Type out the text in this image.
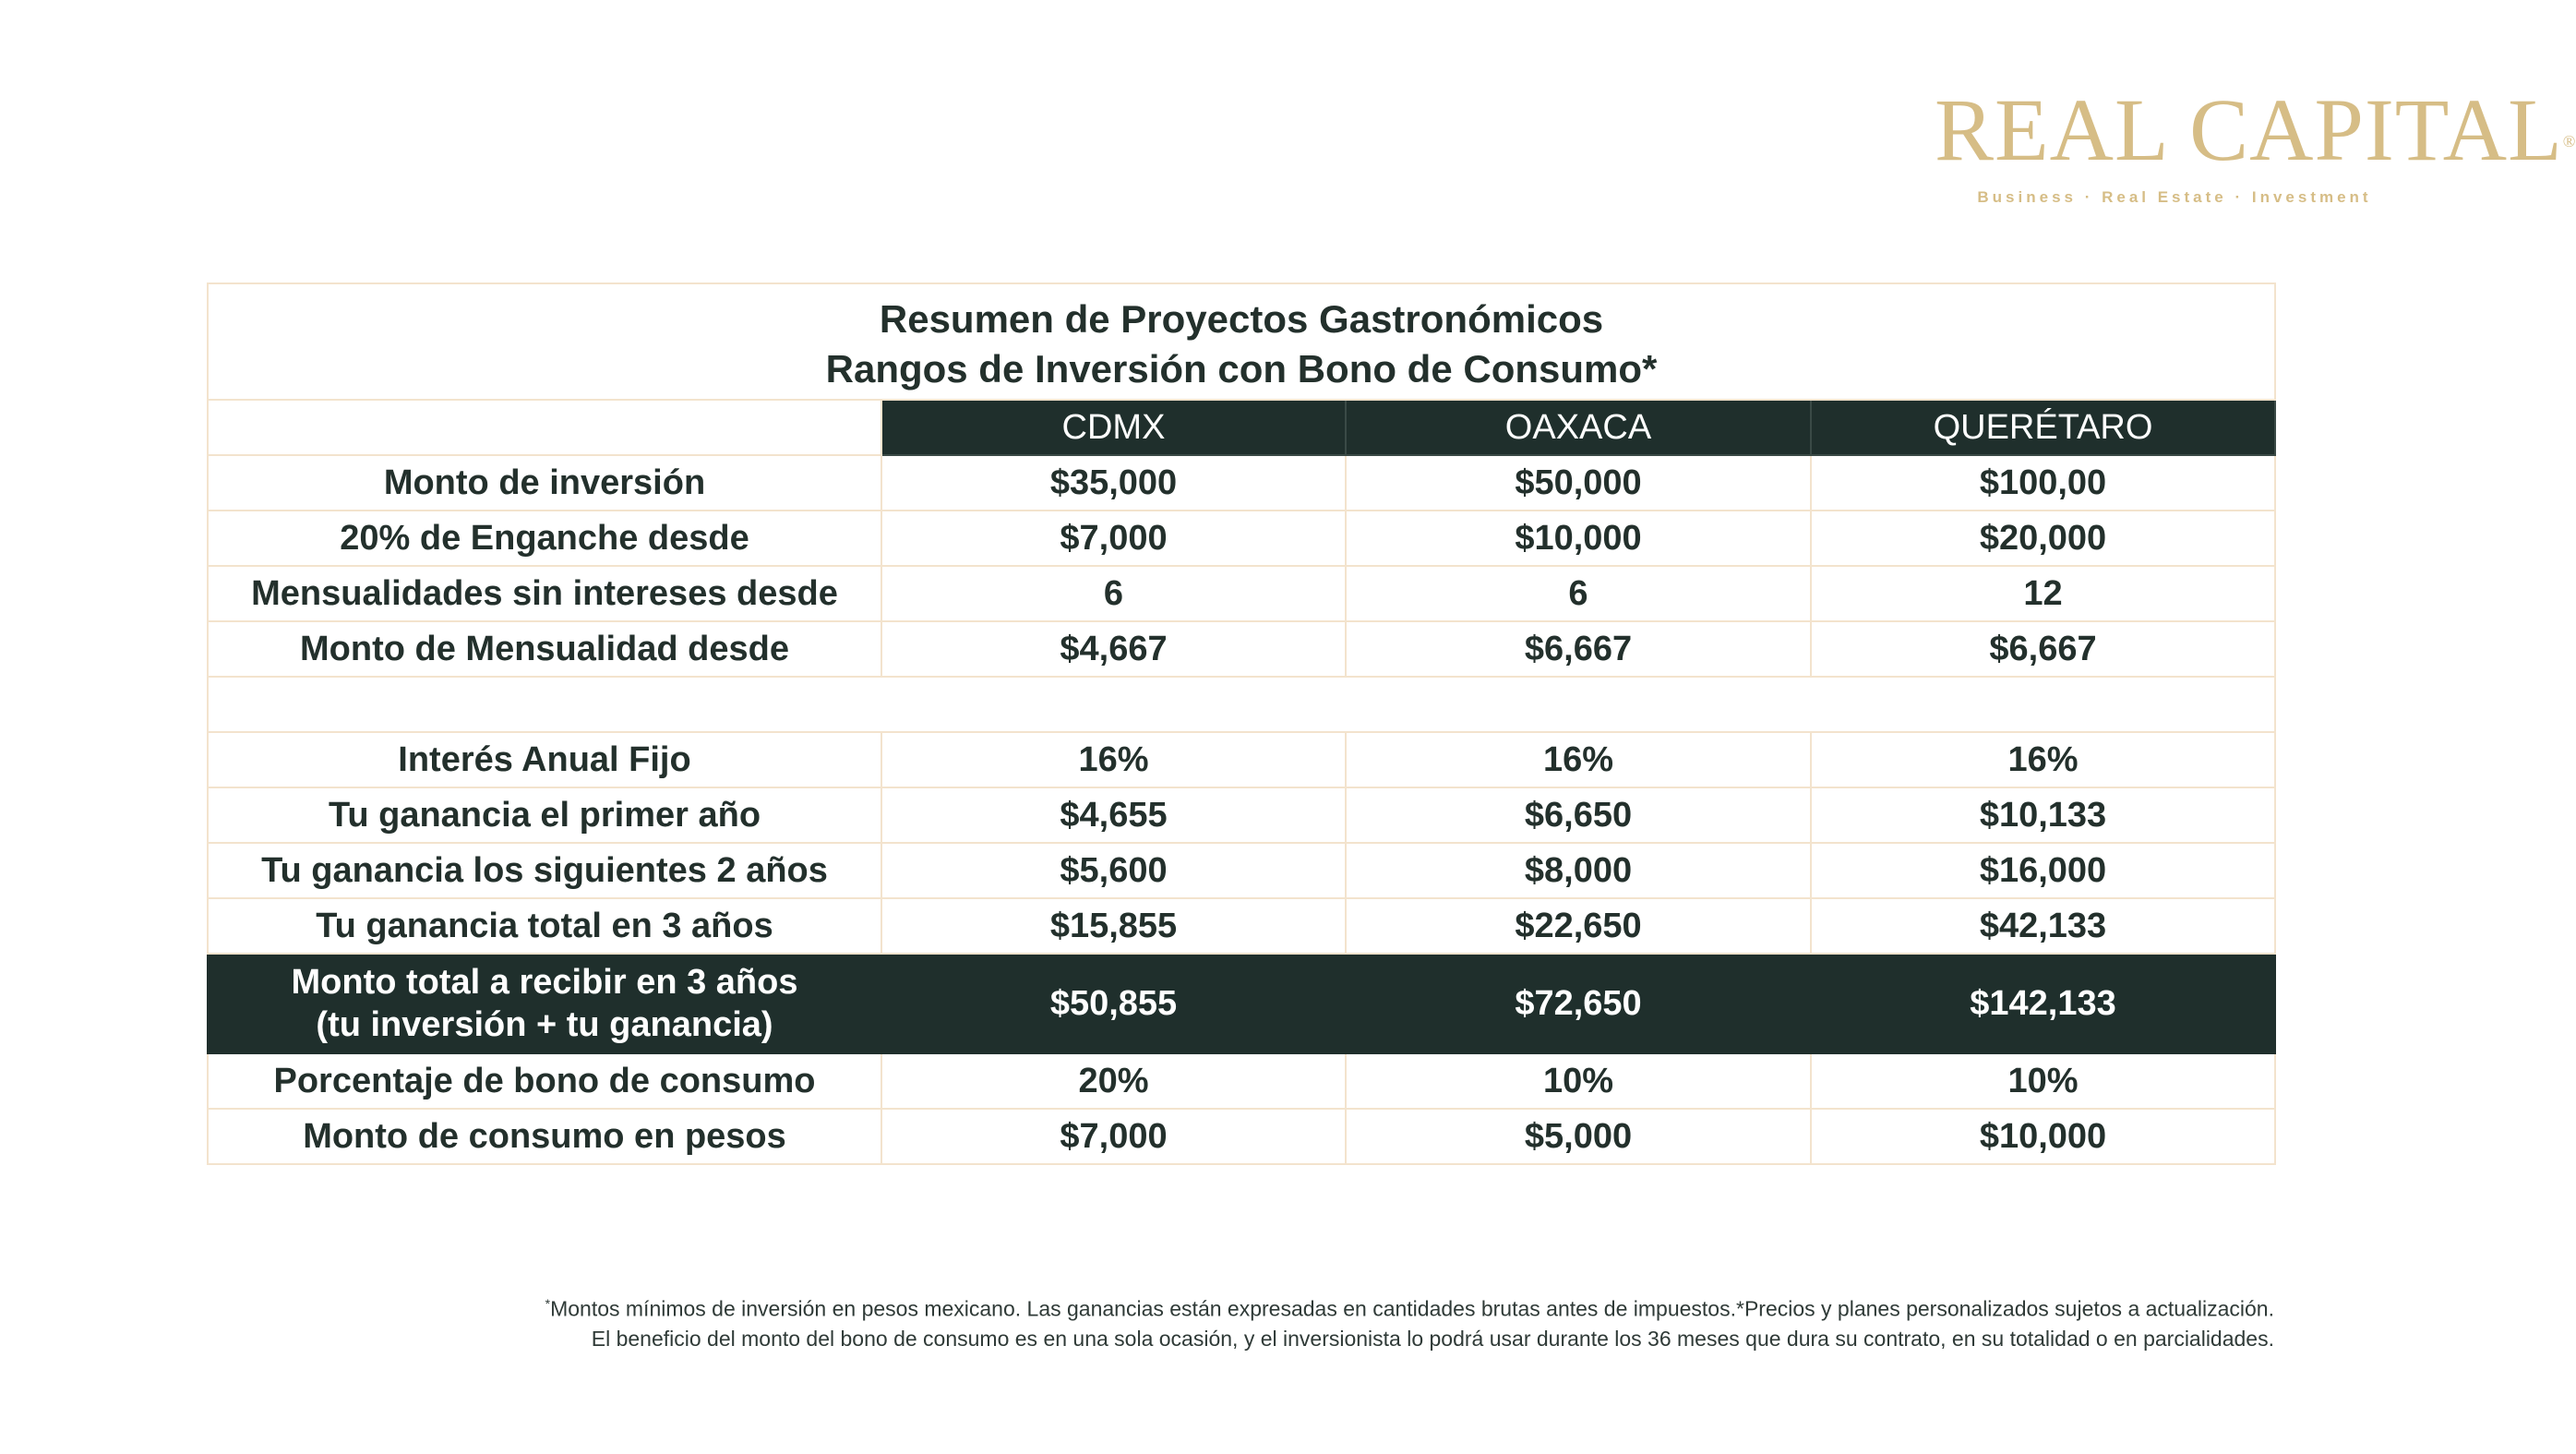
REAL CAPITAL®
Business · Real Estate · Investment
Resumen de Proyectos Gastronómicos
Rangos de Inversión con Bono de Consumo*			

	CDMX	OAXACA	QUERÉTARO
Monto de inversión	$35,000	$50,000	$100,00
20% de Enganche desde	$7,000	$10,000	$20,000
Mensualidades sin intereses desde	6	6	12
Monto de Mensualidad desde	$4,667	$6,667	$6,667

Interés Anual Fijo	16%	16%	16%
Tu ganancia el primer año	$4,655	$6,650	$10,133
Tu ganancia los siguientes 2 años	$5,600	$8,000	$16,000
Tu ganancia total en 3 años	$15,855	$22,650	$42,133

Monto total a recibir en 3 años
(tu inversión + tu ganancia)	$50,855	$72,650	$142,133
Porcentaje de bono de consumo	20%	10%	10%
Monto de consumo en pesos	$7,000	$5,000	$10,000
*Montos mínimos de inversión en pesos mexicano. Las ganancias están expresadas en cantidades brutas antes de impuestos.*Precios y planes personalizados sujetos a actualización.
El beneficio del monto del bono de consumo es en una sola ocasión, y el inversionista lo podrá usar durante los 36 meses que dura su contrato, en su totalidad o en parcialidades.
